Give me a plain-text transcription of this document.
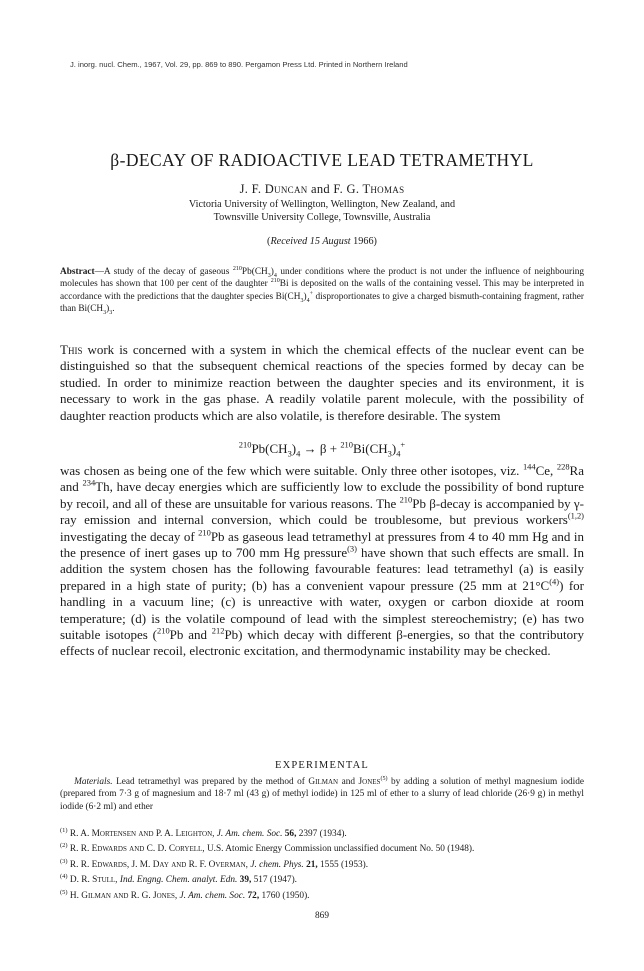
J. inorg. nucl. Chem., 1967, Vol. 29, pp. 869 to 890. Pergamon Press Ltd. Printed in Northern Ireland
β-DECAY OF RADIOACTIVE LEAD TETRAMETHYL
J. F. Duncan and F. G. Thomas
Victoria University of Wellington, Wellington, New Zealand, and
Townsville University College, Townsville, Australia
(Received 15 August 1966)
Abstract—A study of the decay of gaseous $^{210}Pb(CH_3)_4$ under conditions where the product is not under the influence of neighbouring molecules has shown that 100 per cent of the daughter $^{210}$Bi is deposited on the walls of the containing vessel. This may be interpreted in accordance with the predictions that the daughter species $Bi(CH_3)_4^+$ disproportionates to give a charged bismuth-containing fragment, rather than $Bi(CH_3)_3$.
This work is concerned with a system in which the chemical effects of the nuclear event can be distinguished so that the subsequent chemical reactions of the species formed by decay can be studied. In order to minimize reaction between the daughter species and its environment, it is necessary to work in the gas phase. A readily volatile parent molecule, with the possibility of daughter reaction products which are also volatile, is therefore desirable. The system
$^{210}Pb(CH_3)_4 \to \beta + ^{210}Bi(CH_3)_4^+$
was chosen as being one of the few which were suitable. Only three other isotopes, viz. $^{144}$Ce, $^{228}$Ra and $^{234}$Th, have decay energies which are sufficiently low to exclude the possibility of bond rupture by recoil, and all of these are unsuitable for various reasons. The $^{210}$Pb β-decay is accompanied by γ-ray emission and internal conversion, which could be troublesome, but previous workers$^{(1,2)}$ investigating the decay of $^{210}$Pb as gaseous lead tetramethyl at pressures from 4 to 40 mm Hg and in the presence of inert gases up to 700 mm Hg pressure$^{(3)}$ have shown that such effects are small. In addition the system chosen has the following favourable features: lead tetramethyl (a) is easily prepared in a high state of purity; (b) has a convenient vapour pressure (25 mm at $21^\circ C^{(4)}$) for handling in a vacuum line; (c) is unreactive with water, oxygen or carbon dioxide at room temperature; (d) is the volatile compound of lead with the simplest stereochemistry; (e) has two suitable isotopes ($^{210}$Pb and $^{212}$Pb) which decay with different β-energies, so that the contributory effects of nuclear recoil, electronic excitation, and thermodynamic instability may be checked.
EXPERIMENTAL
Materials. Lead tetramethyl was prepared by the method of Gilman and Jones$^{(5)}$ by adding a solution of methyl magnesium iodide (prepared from 7·3 g of magnesium and 18·7 ml (43 g) of methyl iodide) in 125 ml of ether to a slurry of lead chloride (26·9 g) in methyl iodide (6·2 ml) and ether
$^{(1)}$ R. A. Mortensen and P. A. Leighton, J. Am. chem. Soc. 56, 2397 (1934).
$^{(2)}$ R. R. Edwards and C. D. Coryell, U.S. Atomic Energy Commission unclassified document No. 50 (1948).
$^{(3)}$ R. R. Edwards, J. M. Day and R. F. Overman, J. chem. Phys. 21, 1555 (1953).
$^{(4)}$ D. R. Stull, Ind. Engng. Chem. analyt. Edn. 39, 517 (1947).
$^{(5)}$ H. Gilman and R. G. Jones, J. Am. chem. Soc. 72, 1760 (1950).
869
